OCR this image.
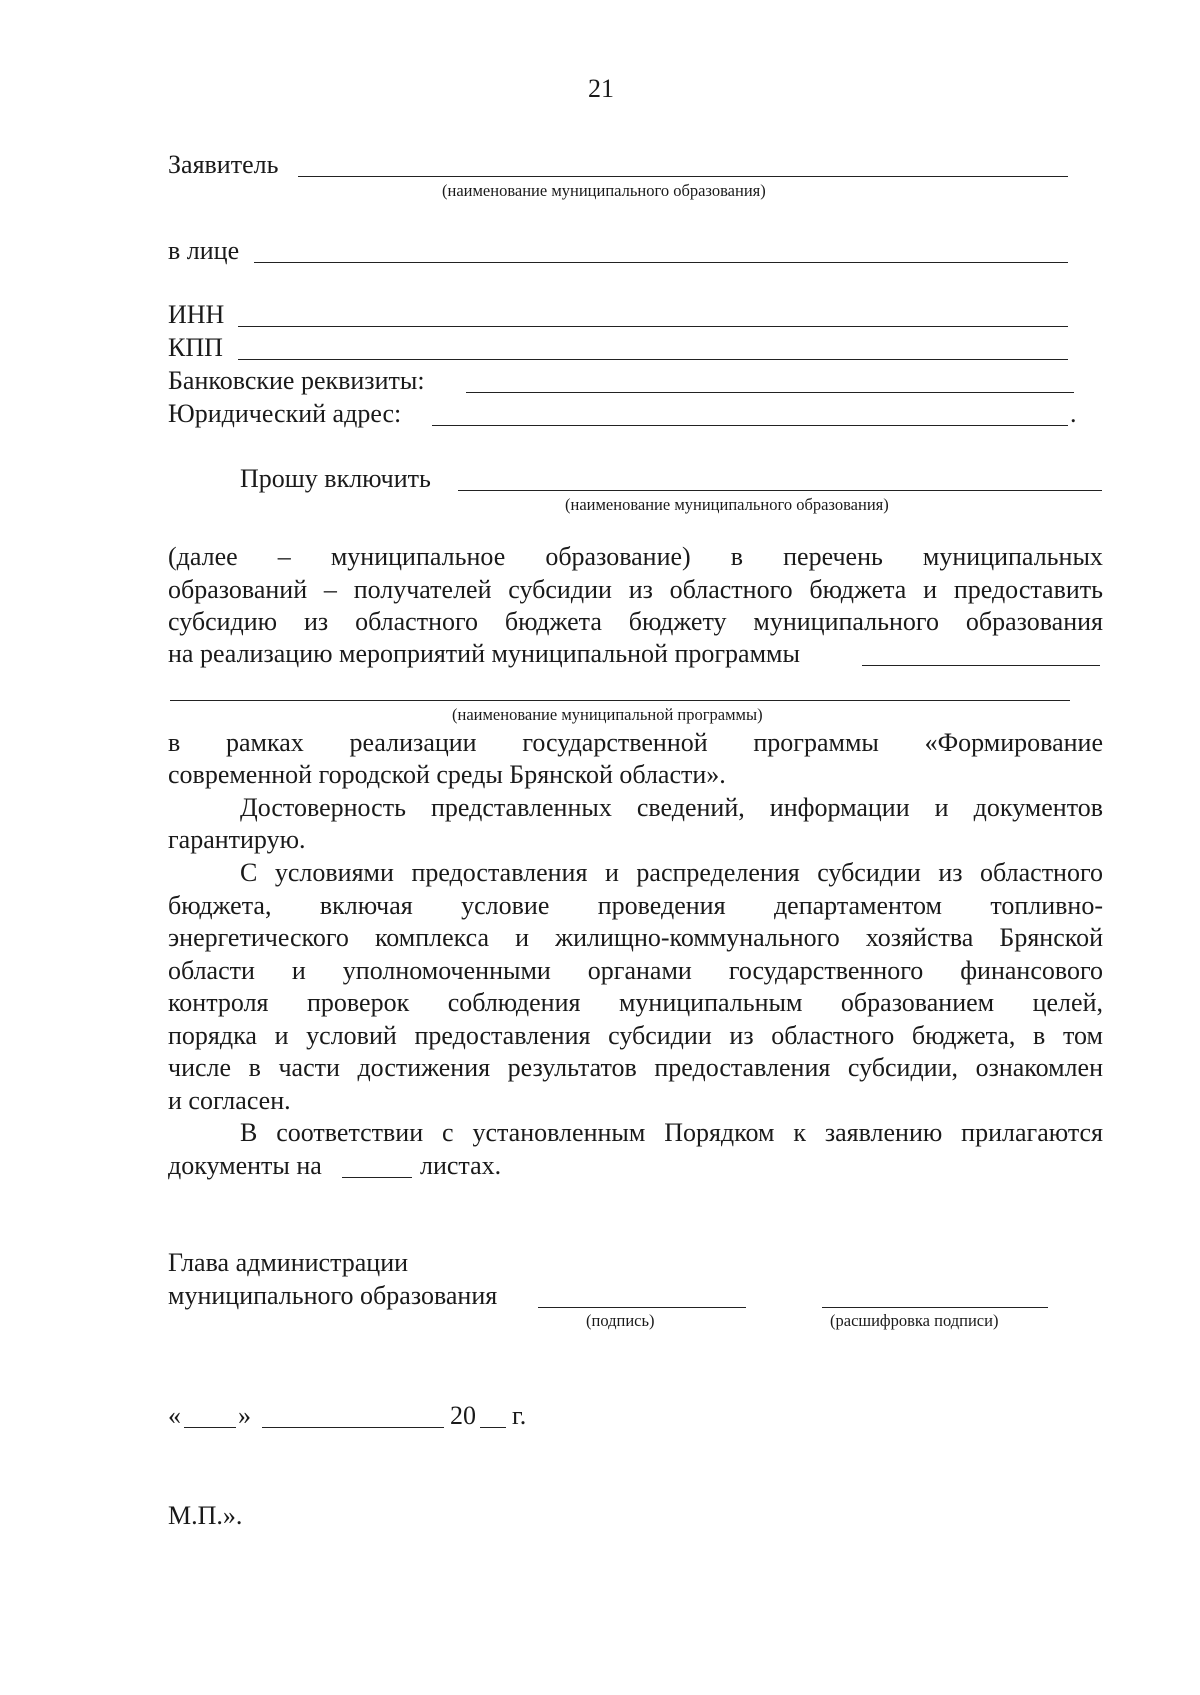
21
Заявитель
(наименование муниципального образования)
в лице
ИНН
КПП
Банковские реквизиты:
Юридический адрес:	.
Прошу включить
(наименование муниципального образования)
(далее – муниципальное образование) в перечень муниципальных
образований – получателей субсидии из областного бюджета и предоставить
субсидию из областного бюджета бюджету муниципального образования
на реализацию мероприятий муниципальной программы
(наименование муниципальной программы)
в рамках реализации государственной программы «Формирование
современной городской среды Брянской области».
Достоверность представленных сведений, информации и документов
гарантирую.
С условиями предоставления и распределения субсидии из областного
бюджета, включая условие проведения департаментом топливно-
энергетического комплекса и жилищно-коммунального хозяйства Брянской
области и уполномоченными органами государственного финансового
контроля проверок соблюдения муниципальным образованием целей,
порядка и условий предоставления субсидии из областного бюджета, в том
числе в части достижения результатов предоставления субсидии, ознакомлен
и согласен.
В соответствии с установленным Порядком к заявлению прилагаются
документы на	листах.
Глава администрации
муниципального образования
(подпись)	(расшифровка подписи)
« »	20 г.
М.П.».
